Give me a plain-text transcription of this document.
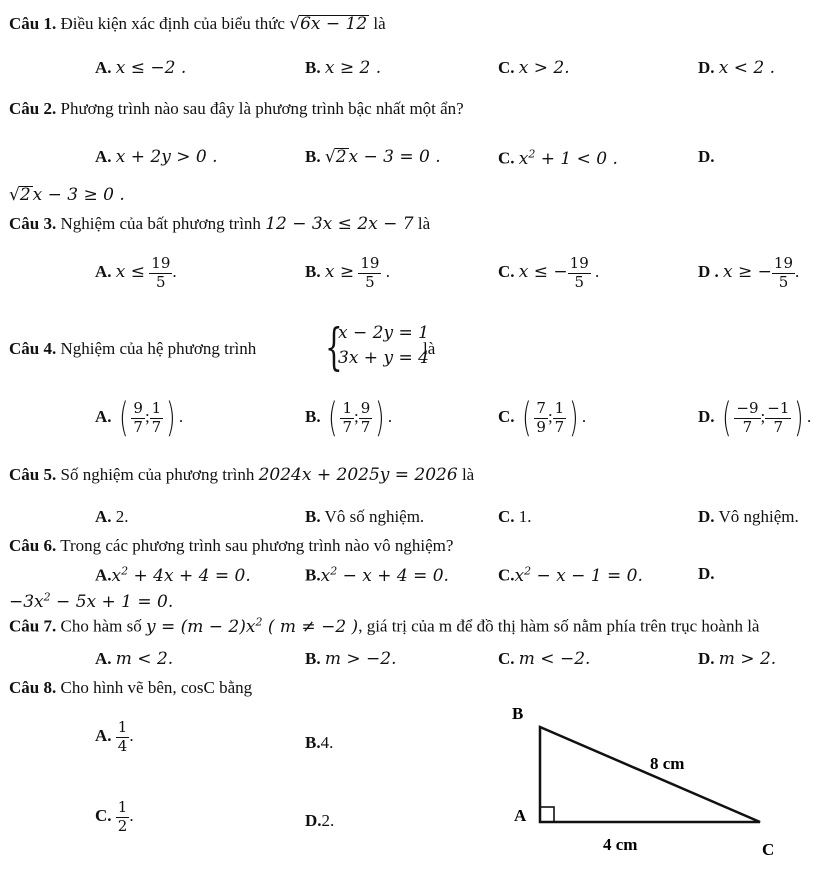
Câu 1. Điều kiện xác định của biểu thức √6x − 12 là
A. x ≤ −2 .	B. x ≥ 2 .	C. x > 2.	D. x < 2 .
Câu 2. Phương trình nào sau đây là phương trình bậc nhất một ẩn?
A. x + 2y > 0 .	B. √2 x − 3 = 0 .	C. $x^2 + 1 < 0$ .	D.
√2 x − 3 ≥ 0 .
Câu 3. Nghiệm của bất phương trình 12 − 3x ≤ 2x − 7 là
A. $x \le \frac{19}{5}$ .	B. $x \ge \frac{19}{5}$ .	C. x ≤ − $\frac{19}{5}$ .	D . x ≥ − $\frac{19}{5}$ .
Câu 4. Nghiệm của hệ phương trình {
x − 2y = 1
3x + y = 4
là
A. ( $\frac{9}{7}$ ; $\frac{1}{7}$ ) .	B. ( $\frac{1}{7}$ ; $\frac{9}{7}$ ) .	C. ( $\frac{7}{9}$ ; $\frac{1}{7}$ ) .	D. ( $\frac{-9}{7}$ ; $\frac{-1}{7}$ ) .
Câu 5. Số nghiệm của phương trình 2024x + 2025y = 2026 là
A. 2.	B. Vô số nghiệm.	C. 1.	D. Vô nghiệm.
Câu 6. Trong các phương trình sau phương trình nào vô nghiệm?
$A.x^2 + 4x + 4 = 0$.	$B.x^2 - x + 4 = 0$.	$C.x^2 - x - 1 = 0$.	D.
$-3x^2 - 5x + 1 = 0$.
Câu 7. Cho hàm số $y = (m - 2)x^2$ ( m ≠ −2 ), giá trị của m để đồ thị hàm số nằm phía trên trục hoành là
A. m < 2.	B. m > −2.	C. m < −2.	D. m > 2.
Câu 8. Cho hình vẽ bên, cosC bằng
A. $\frac{1}{4}$ .	B.4.
C. $\frac{1}{2}$ .	D.2.
B
A
C
8 cm
4 cm
